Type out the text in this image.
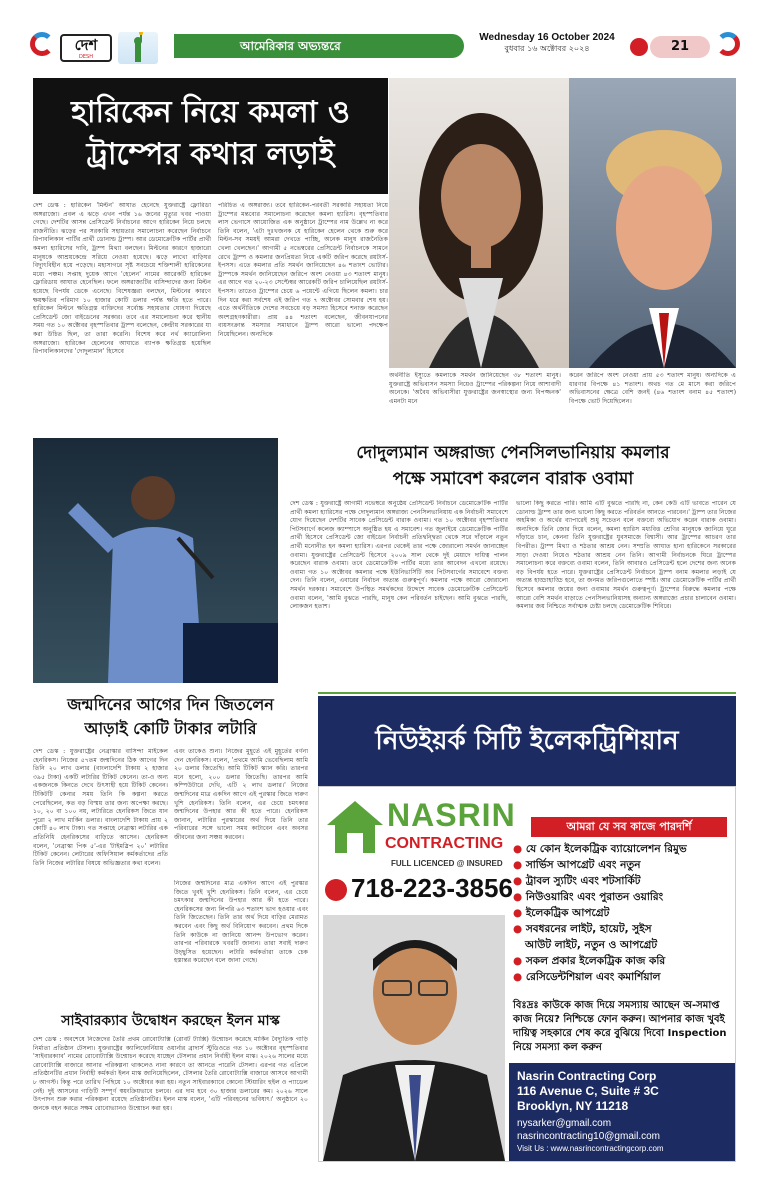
দেশ
DESH
আমেরিকার অভ্যন্তরে
Wednesday 16 October 2024
বুধবার ১৬ অক্টোবর ২০২৪	21
হারিকেন নিয়ে কমলা ও
ট্রাম্পের কথার লড়াই
দেশ ডেস্ক : হারিকেন 'মিল্টন' আঘাত হেনেছে যুক্তরাষ্ট্রে ফ্লোরিডা অঙ্গরাজ্যে। প্রবল এ ঝড়ে এখন পর্যন্ত ১৬ জনের মৃত্যুর খবর পাওয়া গেছে। দেশটির আসন্ন প্রেসিডেন্ট নির্বাচনের আগে হারিকেন নিয়ে চলছে রাজনীতি। ঝড়ের পর সরকারি সহায়তার সমালোচনা করেছেন নির্বাচনে রিপাবলিকান পার্টির প্রার্থী ডোনাল্ড ট্রাম্প। আর ডেমোক্রেটিক পার্টির প্রার্থী কমলা হ্যারিসের দাবি, ট্রাম্প মিথ্যা বলছেন। মিল্টনের কারণে হাজারো মানুষকে আশ্রয়কেন্দ্রে সরিয়ে নেওয়া হয়েছে। ঝড়ে লাখো বাড়িঘর বিদ্যুৎবিহীন হয়ে পড়েছে। মহাসাগরে সৃষ্ট সবচেয়ে শক্তিশালী হারিকেনের মধ্যে পঞ্চম। সপ্তাহ দুয়েক আগে 'হেলেন' নামের আরেকটি হারিকেন ফ্লোরিডায় আঘাত হেনেছিল। ফলে অঙ্গরাজ্যটির বাসিন্দাদের জন্য মিল্টন হয়েছে বিপর্যয় ডেকে এনেছে। বিশেষজ্ঞরা বলছেন, মিল্টনের কারণে ক্ষয়ক্ষতির পরিমাণ ১০ হাজার কোটি ডলার পর্যন্ত ক্ষতি হতে পারে। হারিকেন মিল্টনে ক্ষতিগ্রস্ত ব্যক্তিদের সর্বোচ্চ সহায়তার ঘোষণা দিয়েছে প্রেসিডেন্ট জো বাইডেনের সরকার। তবে এর সমালোচনা করে স্থানীয় সময় গত ১০ অক্টোবর বৃহস্পতিবার ট্রাম্প বলেছেন, কেন্দ্রীয় সরকারের যা করা উচিত ছিল, তা তারা করেনি। বিশেষ করে নর্থ ক্যারোলিনা অঙ্গরাজ্যে। হারিকেন হেলেনের আঘাতে ব্যাপক ক্ষতিগ্রস্ত হয়েছিল রিপাবলিকানদের 'দোদুল্যমান' হিসেবে
পরিচিত এ অঙ্গরাজ্য। তবে হারিকেন-পরবর্তী সরকারি সহায়তা নিয়ে ট্রাম্পের মন্তব্যের সমালোচনা করেছেন কমলা হ্যারিস। বৃহস্পতিবার লাস ভেগাসে আয়োজিত এক অনুষ্ঠানে ট্রাম্পের নাম উল্লেখ না করে তিনি বলেন, 'এটা দুঃখজনক যে হারিকেন হেলেন থেকে শুরু করে মিল্টন-সব সময়ই আমরা দেখতে পাচ্ছি, অনেক মানুষ রাজনৈতিক খেলা খেলছেন।' আগামী ৫ নভেম্বরের প্রেসিডেন্ট নির্বাচনকে সামনে রেখে ট্রাম্প ও কমলার জনপ্রিয়তা নিয়ে একটি জরিপ করেছে রয়টার্স-ইপসস। এতে কমলার প্রতি সমর্থন জানিয়েছেন ৪৬ শতাংশ ভোটার। ট্রাম্পকে সমর্থন জানিয়েছেন জরিপে অংশ নেওয়া ৪৩ শতাংশ মানুষ। এর আগে গত ২০-২৩ সেপ্টেম্বর আরেকটি জরিপ চালিয়েছিল রয়টার্স-ইপসস। তাতেও ট্রাম্পের চেয়ে ৬ পয়েন্টে এগিয়ে ছিলেন কমলা। চার দিন ধরে করা সর্বশেষ এই জরিপ গত ৭ অক্টোবর সোমবার শেষ হয়। এতে অর্থনীতিকে দেশের সবচেয়ে বড় সমস্যা হিসেবে শনাক্ত করেছেন অংশগ্রহণকারীরা। প্রায় ৪৪ শতাংশ বলেছেন, জীবনযাপনের ব্যয়সংক্রান্ত সমস্যার সমাধানে ট্রাম্প আরো ভালো পদক্ষেপ নিয়েছিলেন। অন্যদিকে
অর্থনীতি ইস্যুতে কমলাকে সমর্থন জানিয়েছেন ৩৮ শতাংশ মানুষ। যুক্তরাষ্ট্রে অভিবাসন সমস্যা নিয়েও ট্রাম্পের পরিকল্পনা নিয়ে আশাবাদী অনেকে। 'অবৈধ অভিবাসীরা যুক্তরাষ্ট্রের জনস্বাস্থ্যের জন্য বিপজ্জনক' এমনটা মনে
করেন জরিপে অংশ নেওয়া প্রায় ৫৩ শতাংশ মানুষ। অন্যদিকে এ ধারণার বিপক্ষে ৪১ শতাংশ। অথচ গত মে মাসে করা জরিপে অভিবাসনের ক্ষেত্রে বেশি জনই (৪৬ শতাংশ বনাম ৪৫ শতাংশ) বিপক্ষে ভোট দিয়েছিলেন।
দোদুল্যমান অঙ্গরাজ্য পেনসিলভানিয়ায় কমলার
পক্ষে সমাবেশ করলেন বারাক ওবামা
দেশ ডেস্ক : যুক্তরাষ্ট্রে আগামী নভেম্বরে অনুষ্ঠেয় প্রেসিডেন্ট নির্বাচনে ডেমোক্রেটিক পার্টির প্রার্থী কমলা হ্যারিসের পক্ষে দোদুল্যমান অঙ্গরাজ্য পেনসিলভানিয়ায় এক নির্বাচনী সমাবেশে যোগ দিয়েছেন দেশটির সাবেক প্রেসিডেন্ট বারাক ওবামা। গত ১০ অক্টোবর বৃহস্পতিবার পিটসবার্গে কলেজ ক্যাম্পাসে অনুষ্ঠিত হয় এ সমাবেশ। গত জুলাইয়ে ডেমোক্রেটিক পার্টির প্রার্থী হিসেবে প্রেসিডেন্ট জো বাইডেন নির্বাচনী প্রতিদ্বন্দ্বিতা থেকে সরে দাঁড়ালে নতুন প্রার্থী মনোনীত হন কমলা হ্যারিস। এরপর থেকেই তার পক্ষে জোরালো সমর্থন জানাচ্ছেন ওবামা। যুক্তরাষ্ট্রের প্রেসিডেন্ট হিসেবে ২০০৯ সাল থেকে দুই মেয়াদে দায়িত্ব পালন করেছেন বারাক ওবামা। তবে ডেমোক্রেটিক পার্টির মধ্যে তার আবেদন এখনো রয়েছে। ওবামা গত ১০ অক্টোবর কমলার পক্ষে ইউনিভার্সিটি অব পিটসবার্গের সমাবেশে বক্তব্য দেন। তিনি বলেন, এবারের নির্বাচন অত্যন্ত গুরুত্বপূর্ণ। কমলার পক্ষে আরো জোরালো সমর্থন দরকার। সমাবেশে উপস্থিত সমর্থকদের উদ্দেশে সাবেক ডেমোক্রেটিক প্রেসিডেন্ট ওবামা বলেন, 'আমি বুঝতে পারছি, মানুষ কেন পরিবর্তন চাইছেন। আমি বুঝতে পারছি, লোকজন হতাশ।
ভালো কিছু করতে পারি। আমি এটি বুঝতে পারছি না, কেন কেউ এটি ভাবতে পারেন যে ডোনাল্ড ট্রাম্প তার জন্য ভালো কিছু করতে পরিবর্তন আনতে পারবেন।' ট্রাম্প তার নিজের অহমিকা ও অর্থের ব্যাপারেই শুধু সচেতন বলে বক্তব্যে অভিযোগ করেন বারাক ওবামা। অন্যদিকে তিনি জোর দিয়ে বলেন, কমলা হ্যারিস মধ্যবিত্ত শ্রেণির মানুষকে জানিয়ে ঘুরে দাঁড়াতে চান, কেননা তিনি যুক্তরাষ্ট্রের যুবসমাজে বিশ্বাসী। আর ট্রাম্পের আচরণ তার বিপরীত। ট্রাম্প মিথ্যা ও শঠতার আশ্রয় নেন। সম্প্রতি আঘাত হানা হারিকেনে সরকারের সাড়া দেওয়া নিয়েও শঠতার আশ্রয় নেন তিনি। আগামী নির্বাচনকে ঘিরে ট্রাম্পের সমালোচনা করে বক্তব্যে ওবামা বলেন, তিনি আবারও প্রেসিডেন্ট হলে দেশের জন্য অনেক বড় বিপর্যয় হতে পারে। যুক্তরাষ্ট্রের প্রেসিডেন্ট নির্বাচনে ট্রাম্প বনাম কমলার লড়াই যে অত্যন্ত হাড্ডাহাড্ডি হবে, তা জনমত জরিপগুলোতে স্পষ্ট। আর ডেমোক্রেটিক পার্টির প্রার্থী হিসেবে কমলার জয়ের জন্য ওবামার সমর্থন গুরুত্বপূর্ণ। ট্রাম্পের বিরুদ্ধে কমলার পক্ষে আরো বেশি সমর্থন বাড়াতে পেনসিলভানিয়াসহ অন্যান্য অঙ্গরাজ্যে প্রচার চালাবেন ওবামা। কমলার জয় নিশ্চিতে সর্বাত্মক চেষ্টা চলছে ডেমোক্রেটিক শিবিরে।
জন্মদিনের আগের দিন জিতলেন
আড়াই কোটি টাকার লটারি
দেশ ডেস্ক : যুক্তরাষ্ট্রের নেব্রাস্কার বাসিন্দা মাইকেল হেনরিকস। নিজের ৫৭তম জন্মদিনের ঠিক আগের দিন তিনি ২০ লাখ ডলার (বাংলাদেশি টাকায় ২ হাজার ৩৯৫ টাকা) একটি লটারির টিকিট কেনেন। তা-ও অন্য একজনকে কিনতে দেখে উৎসাহী হয়ে টিকিট কেনেন। টিকিটটি কেনার সময় তিনি কি কল্পনা করতে পেরেছিলেন, কত বড় বিস্ময় তার জন্য অপেক্ষা করছে। ১০, ২০ বা ১০০ নয়, লটারিতে হেনরিকস জিতে যান পুরো ২ লাখ মার্কিন ডলার। বাংলাদেশি টাকায় প্রায় ২ কোটি ৪০ লাখ টাকা। গত সপ্তাহে নেব্রাস্কা লটারির এক প্রতিনিধি হেনরিকসের বাড়িতে আসেন। হেনরিকস বলেন, 'নেব্রাস্কা পিক ৫'-এর 'টাইমস্লিপ ২০' লটারির টিকিট কেনেন। লেটারের অফিসিয়াল কর্মকর্তাদের প্রতি তিনি নিজের লটারির বিষয়ে অভিজ্ঞতার কথা বলেন।
এবং তাকেও শুন্য। নিজের মুহূর্তে এই মুহূর্তের বর্ণনা দেন হেনরিকস। বলেন, 'প্রথমে আমি ভেবেছিলাম আমি ২০ ডলার জিতেছি। আমি টিকিট স্ক্যান করি। তারপর মনে হলো, ২০০ ডলার জিতেছি। তারপর আমি কম্পিউটারে দেখি, এটি ২ লাখ ডলার।' নিজের জন্মদিনের মাত্র একদিন আগে এই পুরস্কার জিতে দারুণ খুশি হেনরিকস। তিনি বলেন, এর চেয়ে চমৎকার জন্মদিনের উপহার আর কী হতে পারে। হেনরিকস জানান, লটারির পুরস্কারের অর্থ দিয়ে তিনি তার পরিবারের সঙ্গে ভালো সময় কাটাবেন এবং অবসর জীবনের জন্য সঞ্চয় করবেন।
নিজের জন্মদিনের মাত্র একদিন আগে এই পুরস্কার জিতে খুবই খুশি হেনরিকস। তিনি বলেন, এর চেয়ে চমৎকার জন্মদিনের উপহার আর কী হতে পারে। হেনরিকসের জন্য লিপরি ৬৩ শতাংশ ভাগ হওয়ার এবং তিনি জিতেছেন। তিনি তার অর্থ দিয়ে বাড়ির মেরামত করবেন এবং কিছু অর্থ বিনিয়োগ করবেন। প্রথম দিকে তিনি কাউকে না জানিয়ে আনন্দ উপভোগ করেন। তারপর পরিবারকে খবরটি জানান। তারা সবাই দারুণ উচ্ছ্বসিত হয়েছেন। লটারি কর্মকর্তারা তাকে চেক হস্তান্তর করেছেন বলে জানা গেছে।
সাইবারক্যাব উদ্বোধন করছেন ইলন মাস্ক
দেশ ডেস্ক : অবশেষে নিজেদের তৈরি প্রথম রোবোট্যাক্সি (রোবট ট্যাক্সি) উন্মোচন করেছে মার্কিন বৈদ্যুতিক গাড়ি নির্মাতা প্রতিষ্ঠান টেসলা। যুক্তরাষ্ট্রের ক্যালিফোর্নিয়ায় ওয়ার্নার ব্রাদার্স স্টুডিওতে গত ১০ অক্টোবর বৃহস্পতিবার 'সাইবারক্যাব' নামের রোবোট্যাক্সি উন্মোচন করেছে যাচ্ছেন টেসলার প্রধান নির্বাহী ইলন মাস্ক। ২০২৬ সালের মধ্যে রোবোট্যাক্সি বাজারে আনার পরিকল্পনা থাকলেও নানা কারণে তা আনতে পারেনি টেসলা। এরপর গত এপ্রিলে প্রতিষ্ঠানটির প্রধান নির্বাহী কর্মকর্তা ইলন মাস্ক জানিয়েছিলেন, টেসলার তৈরি রোবোট্যাক্সি বাজারে আসবে আগামী ৮ আগস্ট। কিন্তু পরে তারিখ পিছিয়ে ১০ অক্টোবর করা হয়। নতুন সাইবারক্যাবে কোনো স্টিয়ারিং হুইল ও প্যাডেল নেই। দুই আসনের গাড়িটি সম্পূর্ণ স্বয়ংক্রিয়ভাবে চলবে। এর দাম হবে ৩০ হাজার ডলারের কম। ২০২৬ সালে উৎপাদন শুরু করার পরিকল্পনা রয়েছে প্রতিষ্ঠানটির। ইলন মাস্ক বলেন, 'এটি পরিবহনের ভবিষ্যৎ।' অনুষ্ঠানে ২০ জনকে বহন করতে সক্ষম রোবোভ্যানও উন্মোচন করা হয়।
নিউইয়র্ক সিটি ইলেকট্রিশিয়ান
NASRIN
CONTRACTING
FULL LICENCED @ INSURED
718-223-3856
আমরা যে সব কাজে পারদর্শি
● যে কোন ইলেকট্রিক ব্যায়োলেশন রিমুভ
● সার্ভিস আপগ্রেট এবং নতুন
● ট্রাবল স্যুটিং এবং শটসার্কিট
● নিউওয়ারিং এবং পুরাতন ওয়ারিং
● ইলেকট্রিক আপগ্রেট
● সবধরনের লাইট, হায়েট, সুইস
আউট লাইট, নতুন ও আপগ্রেট
● সকল প্রকার ইলেকট্রিক কাজ করি
● রেসিডেন্টশিয়াল এবং কমার্শিয়াল
বিঃদ্রঃ কাউকে কাজ দিয়ে সমস্যায় আছেন অ-সমাপ্ত কাজ নিয়ে? নিশ্চিন্তে ফোন করুন। আপনার কাজ খুবই দায়িত্ব সহকারে শেষ করে বুঝিয়ে দিবো Inspection নিয়ে সমস্যা কল করুন
Nasrin Contracting Corp
116 Avenue C, Suite # 3C
Brooklyn, NY 11218
nysarker@gmail.com
nasrincontracting10@gmail.com
Visit Us : www.nasrincontractingcorp.com
